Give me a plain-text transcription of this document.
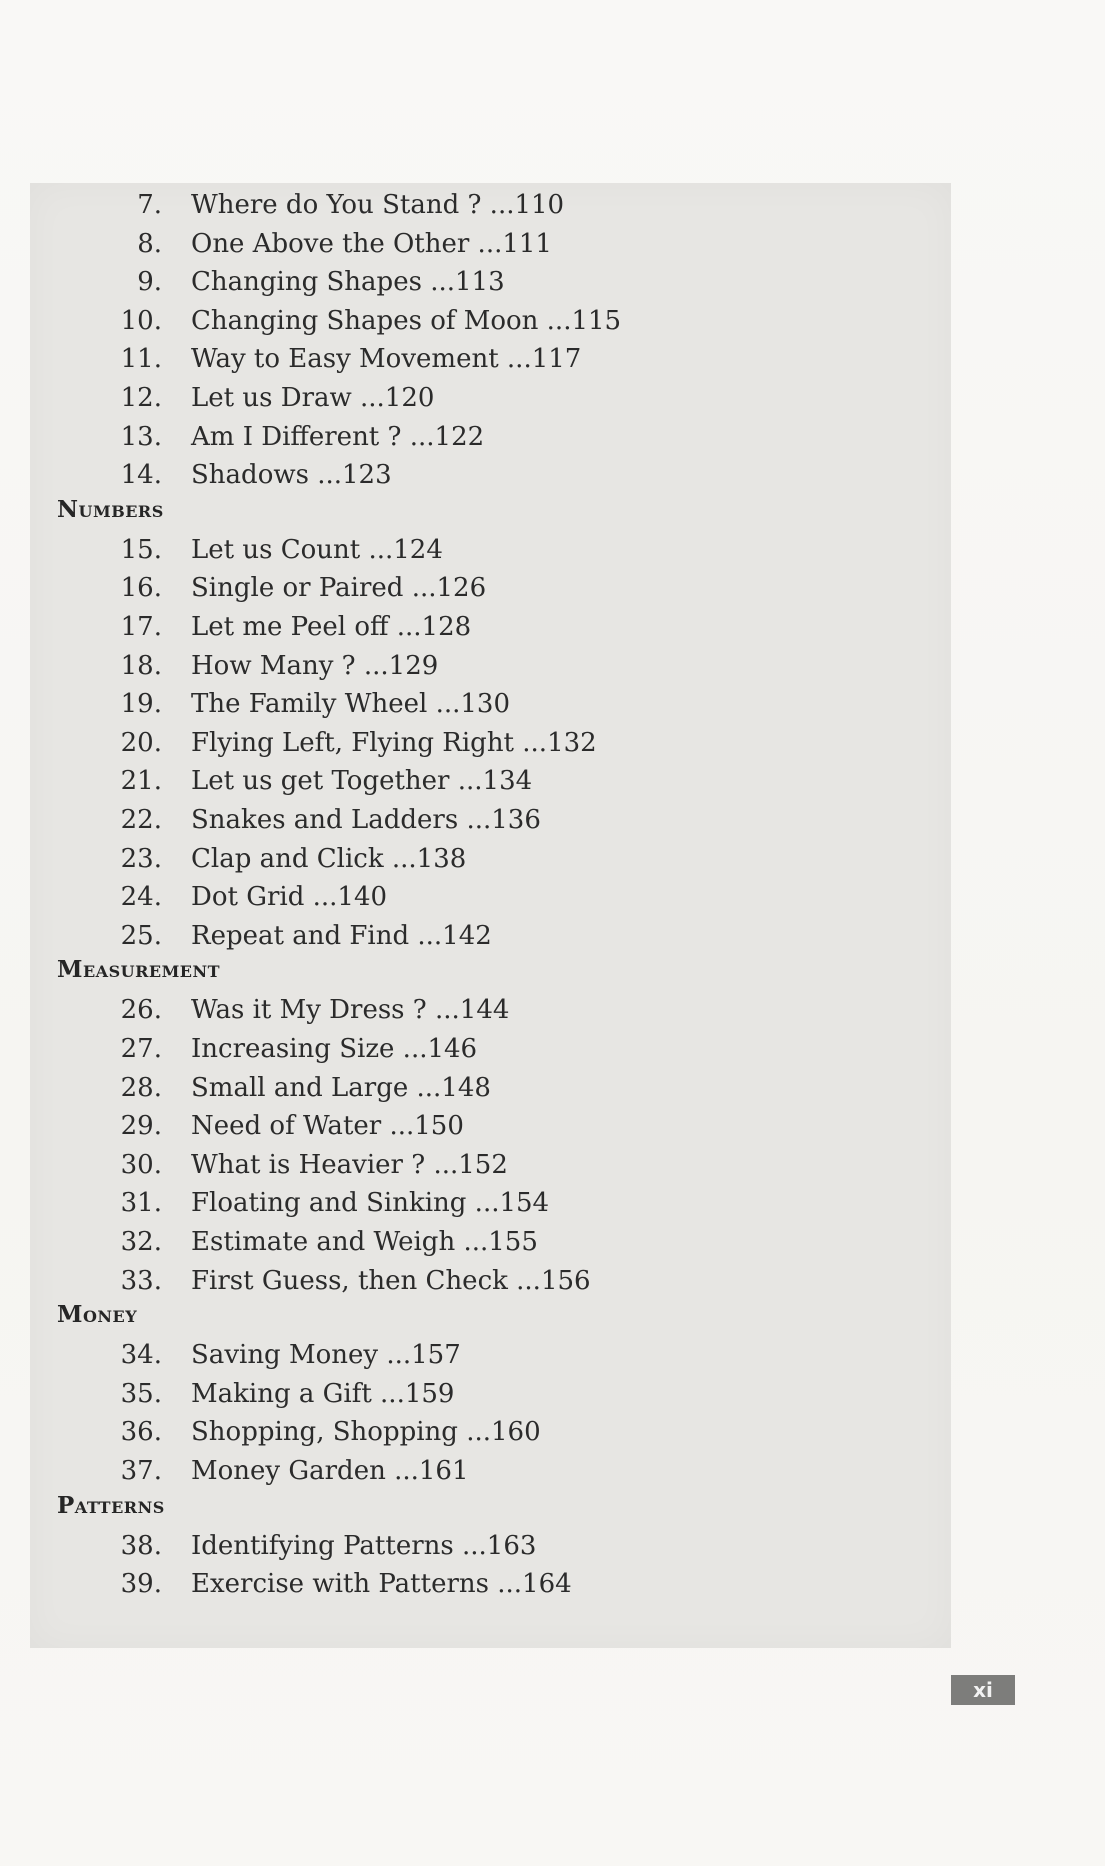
7. Where do You Stand ? ...110
8. One Above the Other ...111
9. Changing Shapes ...113
10. Changing Shapes of Moon ...115
11. Way to Easy Movement ...117
12. Let us Draw ...120
13. Am I Different ? ...122
14. Shadows ...123
Numbers
15. Let us Count ...124
16. Single or Paired ...126
17. Let me Peel off ...128
18. How Many ? ...129
19. The Family Wheel ...130
20. Flying Left, Flying Right ...132
21. Let us get Together ...134
22. Snakes and Ladders ...136
23. Clap and Click ...138
24. Dot Grid ...140
25. Repeat and Find ...142
Measurement
26. Was it My Dress ? ...144
27. Increasing Size ...146
28. Small and Large ...148
29. Need of Water ...150
30. What is Heavier ? ...152
31. Floating and Sinking ...154
32. Estimate and Weigh ...155
33. First Guess, then Check ...156
Money
34. Saving Money ...157
35. Making a Gift ...159
36. Shopping, Shopping ...160
37. Money Garden ...161
Patterns
38. Identifying Patterns ...163
39. Exercise with Patterns ...164
xi
